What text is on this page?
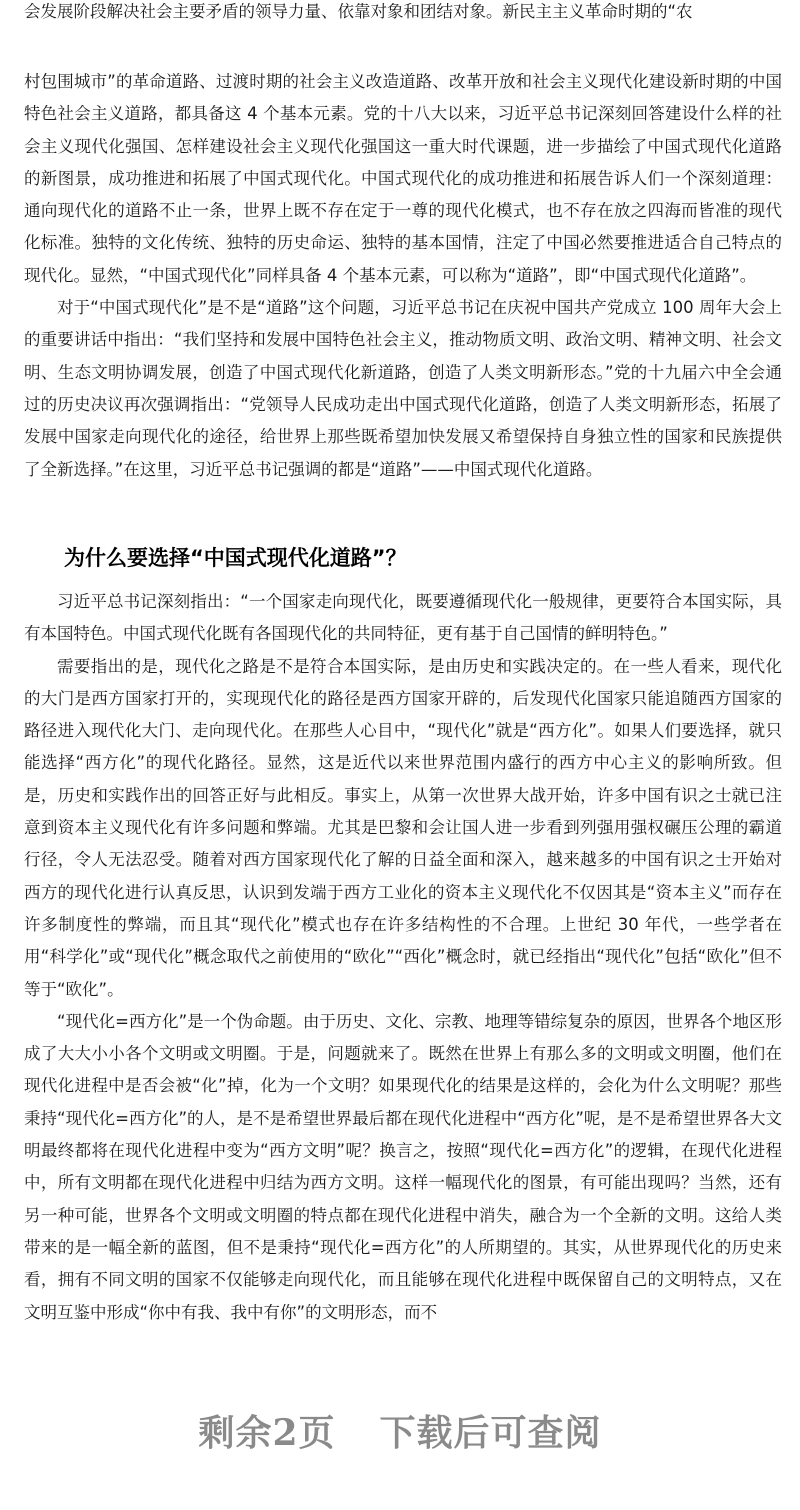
会发展阶段解决社会主要矛盾的领导力量、依靠对象和团结对象。新民主主义革命时期的“农

村包围城市”的革命道路、过渡时期的社会主义改造道路、改革开放和社会主义现代化建设新时期的中国特色社会主义道路，都具备这 4 个基本元素。党的十八大以来，习近平总书记深刻回答建设什么样的社会主义现代化强国、怎样建设社会主义现代化强国这一重大时代课题，进一步描绘了中国式现代化道路的新图景，成功推进和拓展了中国式现代化。中国式现代化的成功推进和拓展告诉人们一个深刻道理：通向现代化的道路不止一条，世界上既不存在定于一尊的现代化模式，也不存在放之四海而皆准的现代化标准。独特的文化传统、独特的历史命运、独特的基本国情，注定了中国必然要推进适合自己特点的现代化。显然，“中国式现代化”同样具备 4 个基本元素，可以称为“道路”，即“中国式现代化道路”。

对于“中国式现代化”是不是“道路”这个问题，习近平总书记在庆祝中国共产党成立 100 周年大会上的重要讲话中指出：“我们坚持和发展中国特色社会主义，推动物质文明、政治文明、精神文明、社会文明、生态文明协调发展，创造了中国式现代化新道路，创造了人类文明新形态。”党的十九届六中全会通过的历史决议再次强调指出：“党领导人民成功走出中国式现代化道路，创造了人类文明新形态，拓展了发展中国家走向现代化的途径，给世界上那些既希望加快发展又希望保持自身独立性的国家和民族提供了全新选择。”在这里，习近平总书记强调的都是“道路”——中国式现代化道路。

为什么要选择“中国式现代化道路”？

习近平总书记深刻指出：“一个国家走向现代化，既要遵循现代化一般规律，更要符合本国实际，具有本国特色。中国式现代化既有各国现代化的共同特征，更有基于自己国情的鲜明特色。”

需要指出的是，现代化之路是不是符合本国实际，是由历史和实践决定的。在一些人看来，现代化的大门是西方国家打开的，实现现代化的路径是西方国家开辟的，后发现代化国家只能追随西方国家的路径进入现代化大门、走向现代化。在那些人心目中，“现代化”就是“西方化”。如果人们要选择，就只能选择“西方化”的现代化路径。显然，这是近代以来世界范围内盛行的西方中心主义的影响所致。但是，历史和实践作出的回答正好与此相反。事实上，从第一次世界大战开始，许多中国有识之士就已注意到资本主义现代化有许多问题和弊端。尤其是巴黎和会让国人进一步看到列强用强权碾压公理的霸道行径，令人无法忍受。随着对西方国家现代化了解的日益全面和深入，越来越多的中国有识之士开始对西方的现代化进行认真反思，认识到发端于西方工业化的资本主义现代化不仅因其是“资本主义”而存在许多制度性的弊端，而且其“现代化”模式也存在许多结构性的不合理。上世纪 30 年代，一些学者在用“科学化”或“现代化”概念取代之前使用的“欧化”“西化”概念时，就已经指出“现代化”包括“欧化”但不等于“欧化”。

“现代化=西方化”是一个伪命题。由于历史、文化、宗教、地理等错综复杂的原因，世界各个地区形成了大大小小各个文明或文明圈。于是，问题就来了。既然在世界上有那么多的文明或文明圈，他们在现代化进程中是否会被“化”掉，化为一个文明？如果现代化的结果是这样的，会化为什么文明呢？那些秉持“现代化=西方化”的人，是不是希望世界最后都在现代化进程中“西方化”呢，是不是希望世界各大文明最终都将在现代化进程中变为“西方文明”呢？换言之，按照“现代化=西方化”的逻辑，在现代化进程中，所有文明都在现代化进程中归结为西方文明。这样一幅现代化的图景，有可能出现吗？当然，还有另一种可能，世界各个文明或文明圈的特点都在现代化进程中消失，融合为一个全新的文明。这给人类带来的是一幅全新的蓝图，但不是秉持“现代化=西方化”的人所期望的。其实，从世界现代化的历史来看，拥有不同文明的国家不仅能够走向现代化，而且能够在现代化进程中既保留自己的文明特点，又在文明互鉴中形成“你中有我、我中有你”的文明形态，而不

剩余2页 下载后可查阅
